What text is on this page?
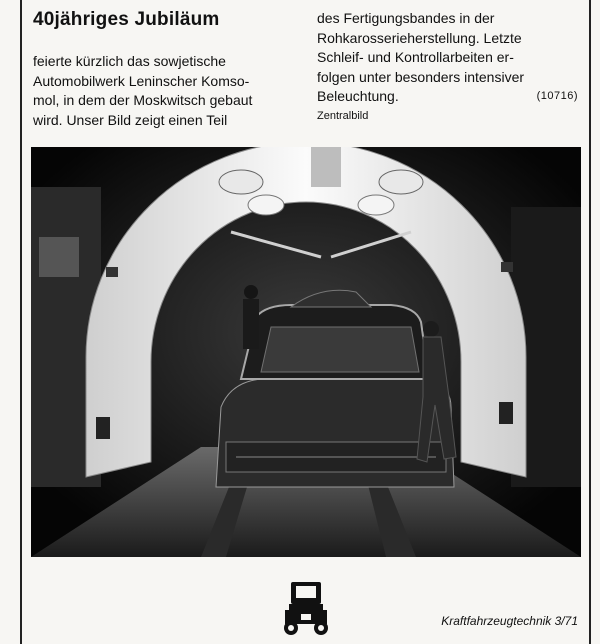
40jähriges Jubiläum
feierte kürzlich das sowjetische
Automobilwerk Leninscher Komso-
mol, in dem der Moskwitsch gebaut
wird. Unser Bild zeigt einen Teil
des Fertigungsbandes in der
Rohkarosserieherstellung. Letzte
Schleif- und Kontrollarbeiten er-
folgen unter besonders intensiver
Beleuchtung.	(10716)
Zentralbild
Kraftfahrzeugtechnik 3/71
